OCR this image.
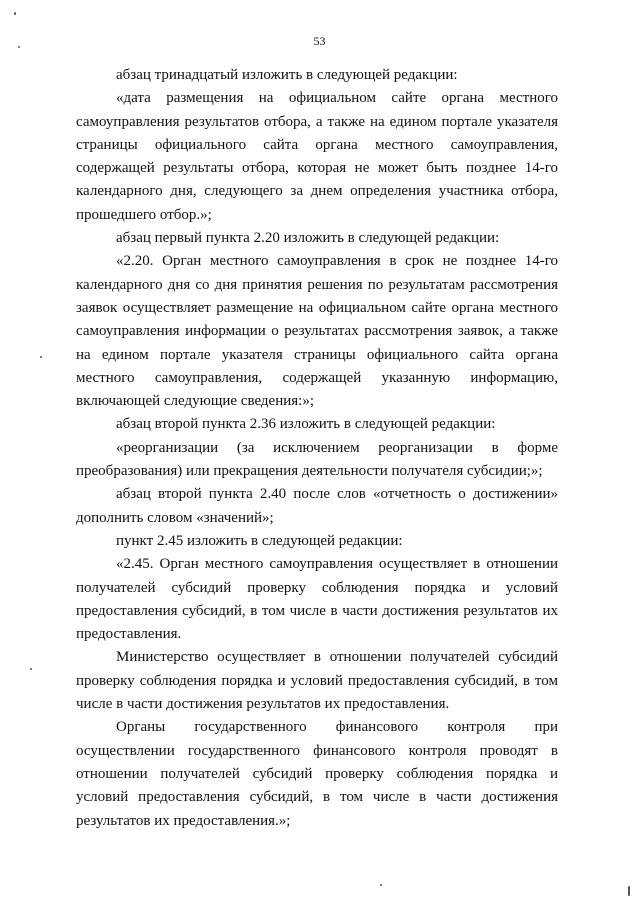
53

абзац тринадцатый изложить в следующей редакции:

«дата размещения на официальном сайте органа местного самоуправления результатов отбора, а также на едином портале указателя страницы официального сайта органа местного самоуправления, содержащей результаты отбора, которая не может быть позднее 14-го календарного дня, следующего за днем определения участника отбора, прошедшего отбор.»;

абзац первый пункта 2.20 изложить в следующей редакции:

«2.20. Орган местного самоуправления в срок не позднее 14-го календарного дня со дня принятия решения по результатам рассмотрения заявок осуществляет размещение на официальном сайте органа местного самоуправления информации о результатах рассмотрения заявок, а также на едином портале указателя страницы официального сайта органа местного самоуправления, содержащей указанную информацию, включающей следующие сведения:»;

абзац второй пункта 2.36 изложить в следующей редакции:

«реорганизации (за исключением реорганизации в форме преобразования) или прекращения деятельности получателя субсидии;»;

абзац второй пункта 2.40 после слов «отчетность о достижении» дополнить словом «значений»;

пункт 2.45 изложить в следующей редакции:

«2.45. Орган местного самоуправления осуществляет в отношении получателей субсидий проверку соблюдения порядка и условий предоставления субсидий, в том числе в части достижения результатов их предоставления.

Министерство осуществляет в отношении получателей субсидий проверку соблюдения порядка и условий предоставления субсидий, в том числе в части достижения результатов их предоставления.

Органы государственного финансового контроля при осуществлении государственного финансового контроля проводят в отношении получателей субсидий проверку соблюдения порядка и условий предоставления субсидий, в том числе в части достижения результатов их предоставления.»;
